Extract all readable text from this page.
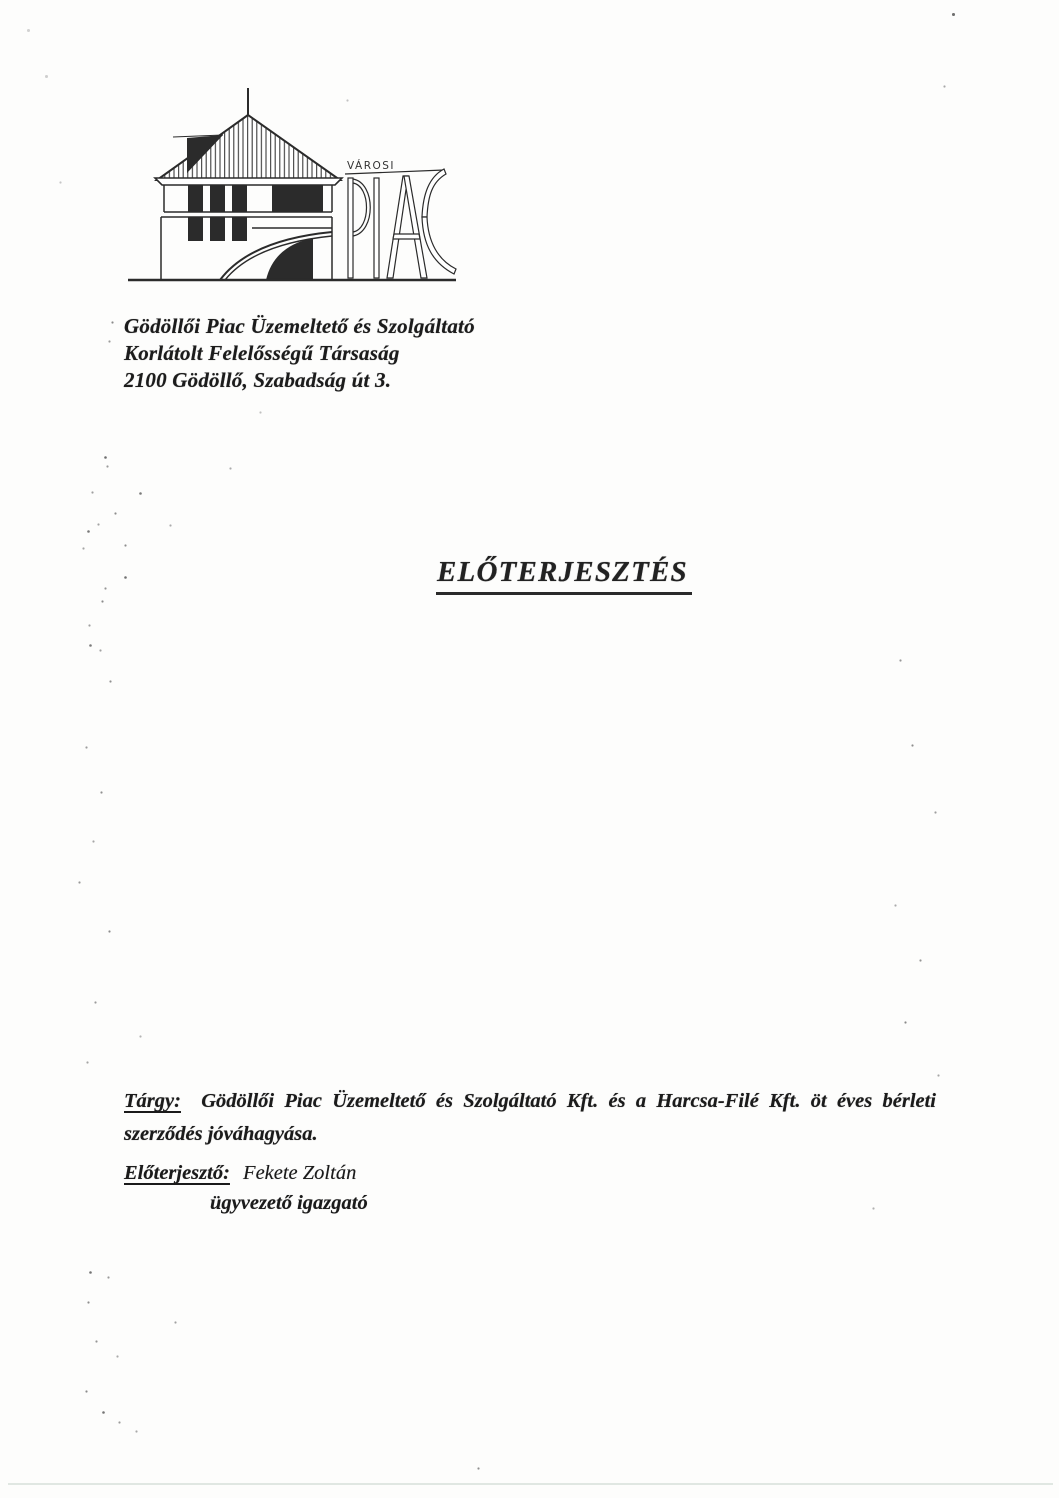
VÁROSI
Gödöllői Piac Üzemeltető és Szolgáltató
Korlátolt Felelősségű Társaság
2100 Gödöllő, Szabadság út 3.
ELŐTERJESZTÉS

Tárgy: Gödöllői Piac Üzemeltető és Szolgáltató Kft. és a Harcsa-Filé Kft. öt éves bérleti szerződés jóváhagyása.

Előterjesztő: Fekete Zoltán
ügyvezető igazgató
